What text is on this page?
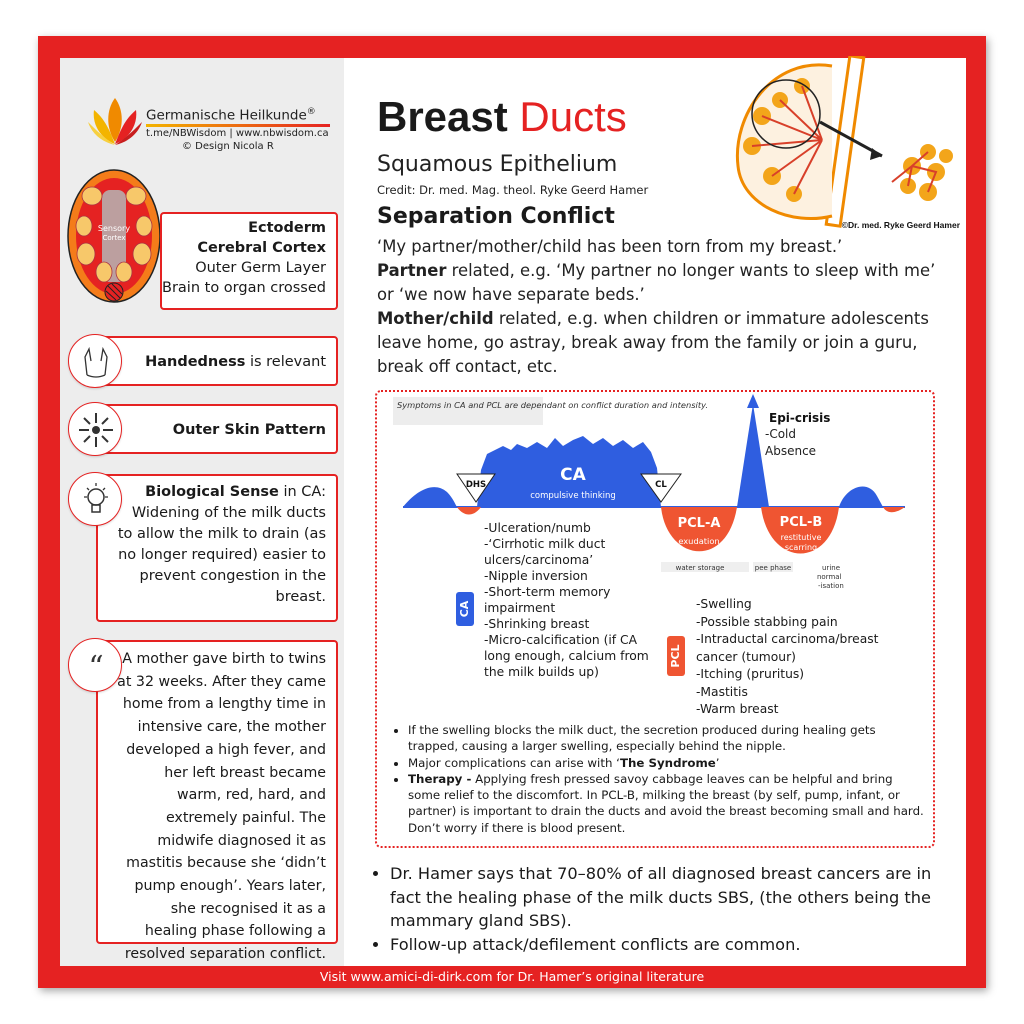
Visit www.amici-di-dirk.com for Dr. Hamer’s original literature
Germanische Heilkunde®
t.me/NBWisdom | www.nbwisdom.ca
© Design Nicola R
Sensory
Cortex
Ectoderm
Cerebral Cortex
Outer Germ Layer
Brain to organ crossed
Handedness is relevant
Outer Skin Pattern
Biological Sense in CA:
Widening of the milk ducts to allow the milk to drain (as no longer required) easier to prevent congestion in the breast.
A mother gave birth to twins at 32 weeks. After they came home from a lengthy time in intensive care, the mother developed a high fever, and her left breast became warm, red, hard, and extremely painful. The midwife diagnosed it as mastitis because she ‘didn’t pump enough’. Years later, she recognised it as a healing phase following a resolved separation conflict.
“
Breast Ducts
Squamous Epithelium
Credit: Dr. med. Mag. theol. Ryke Geerd Hamer
©Dr. med. Ryke Geerd Hamer
Separation Conflict
‘My partner/mother/child has been torn from my breast.’
Partner related, e.g. ‘My partner no longer wants to sleep with me’ or ‘we now have separate beds.’
Mother/child related, e.g. when children or immature adolescents leave home, go astray, break away from the family or join a guru, break off contact, etc.
Symptoms in CA and PCL are dependant on conflict duration and intensity.
CA
compulsive thinking
DHS	CL
PCL-A
exudation
Epi-crisis
-Cold
Absence
PCL-B
restitutive
scarring
water storage	pee phase	urine
normal
-isation
CA
PCL
-Ulceration/numb
-‘Cirrhotic milk duct ulcers/carcinoma’
-Nipple inversion
-Short-term memory impairment
-Shrinking breast
-Micro-calcification (if CA long enough, calcium from the milk builds up)
-Swelling
-Possible stabbing pain
-Intraductal carcinoma/breast cancer (tumour)
-Itching (pruritus)
-Mastitis
-Warm breast
• If the swelling blocks the milk duct, the secretion produced during healing gets trapped, causing a larger swelling, especially behind the nipple.
• Major complications can arise with ‘The Syndrome’
• Therapy - Applying fresh pressed savoy cabbage leaves can be helpful and bring some relief to the discomfort. In PCL-B, milking the breast (by self, pump, infant, or partner) is important to drain the ducts and avoid the breast becoming small and hard. Don’t worry if there is blood present.
• Dr. Hamer says that 70–80% of all diagnosed breast cancers are in fact the healing phase of the milk ducts SBS, (the others being the mammary gland SBS).
• Follow-up attack/defilement conflicts are common.
